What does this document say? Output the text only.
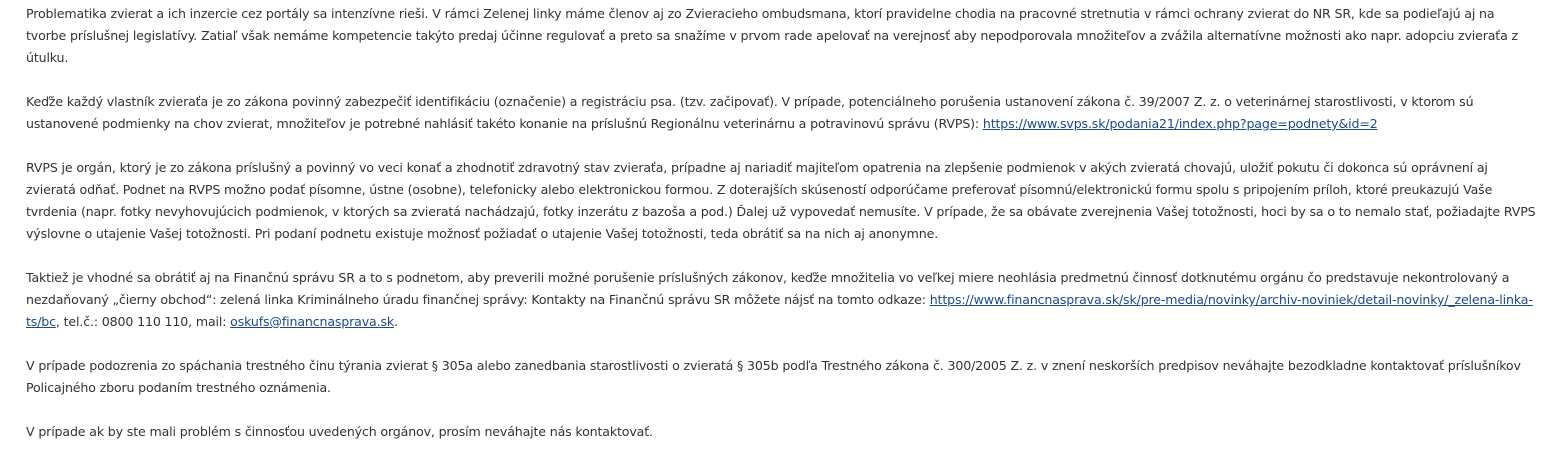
Problematika zvierat a ich inzercie cez portály sa intenzívne rieši. V rámci Zelenej linky máme členov aj zo Zvieracieho ombudsmana, ktorí pravidelne chodia na pracovné stretnutia v rámci ochrany zvierat do NR SR, kde sa podieľajú aj na tvorbe príslušnej legislatívy. Zatiaľ však nemáme kompetencie takýto predaj účinne regulovať a preto sa snažíme v prvom rade apelovať na verejnosť aby nepodporovala množiteľov a zvážila alternatívne možnosti ako napr. adopciu zvieraťa z útulku.

Keďže každý vlastník zvieraťa je zo zákona povinný zabezpečiť identifikáciu (označenie) a registráciu psa. (tzv. začipovať). V prípade, potenciálneho porušenia ustanovení zákona č. 39/2007 Z. z. o veterinárnej starostlivosti, v ktorom sú ustanovené podmienky na chov zvierat, množiteľov je potrebné nahlásiť takéto konanie na príslušnú Regionálnu veterinárnu a potravinovú správu (RVPS): https://www.svps.sk/podania21/index.php?page=podnety&id=2

RVPS je orgán, ktorý je zo zákona príslušný a povinný vo veci konať a zhodnotiť zdravotný stav zvieraťa, prípadne aj nariadiť majiteľom opatrenia na zlepšenie podmienok v akých zvieratá chovajú, uložiť pokutu či dokonca sú oprávnení aj zvieratá odňať. Podnet na RVPS možno podať písomne, ústne (osobne), telefonicky alebo elektronickou formou. Z doterajších skúseností odporúčame preferovať písomnú/elektronickú formu spolu s pripojením príloh, ktoré preukazujú Vaše tvrdenia (napr. fotky nevyhovujúcich podmienok, v ktorých sa zvieratá nachádzajú, fotky inzerátu z bazoša a pod.) Ďalej už vypovedať nemusíte. V prípade, že sa obávate zverejnenia Vašej totožnosti, hoci by sa o to nemalo stať, požiadajte RVPS výslovne o utajenie Vašej totožnosti. Pri podaní podnetu existuje možnosť požiadať o utajenie Vašej totožnosti, teda obrátiť sa na nich aj anonymne.

Taktiež je vhodné sa obrátiť aj na Finančnú správu SR a to s podnetom, aby preverili možné porušenie príslušných zákonov, keďže množitelia vo veľkej miere neohlásia predmetnú činnosť dotknutému orgánu čo predstavuje nekontrolovaný a nezdaňovaný „čierny obchod“: zelená linka Kriminálneho úradu finančnej správy: Kontakty na Finančnú správu SR môžete nájsť na tomto odkaze: https://www.financnasprava.sk/sk/pre-media/novinky/archiv-noviniek/detail-novinky/_zelena-linka-ts/bc, tel.č.: 0800 110 110, mail: oskufs@financnasprava.sk.

V prípade podozrenia zo spáchania trestného činu týrania zvierat § 305a alebo zanedbania starostlivosti o zvieratá § 305b podľa Trestného zákona č. 300/2005 Z. z. v znení neskorších predpisov neváhajte bezodkladne kontaktovať príslušníkov Policajného zboru podaním trestného oznámenia.

V prípade ak by ste mali problém s činnosťou uvedených orgánov, prosím neváhajte nás kontaktovať.
